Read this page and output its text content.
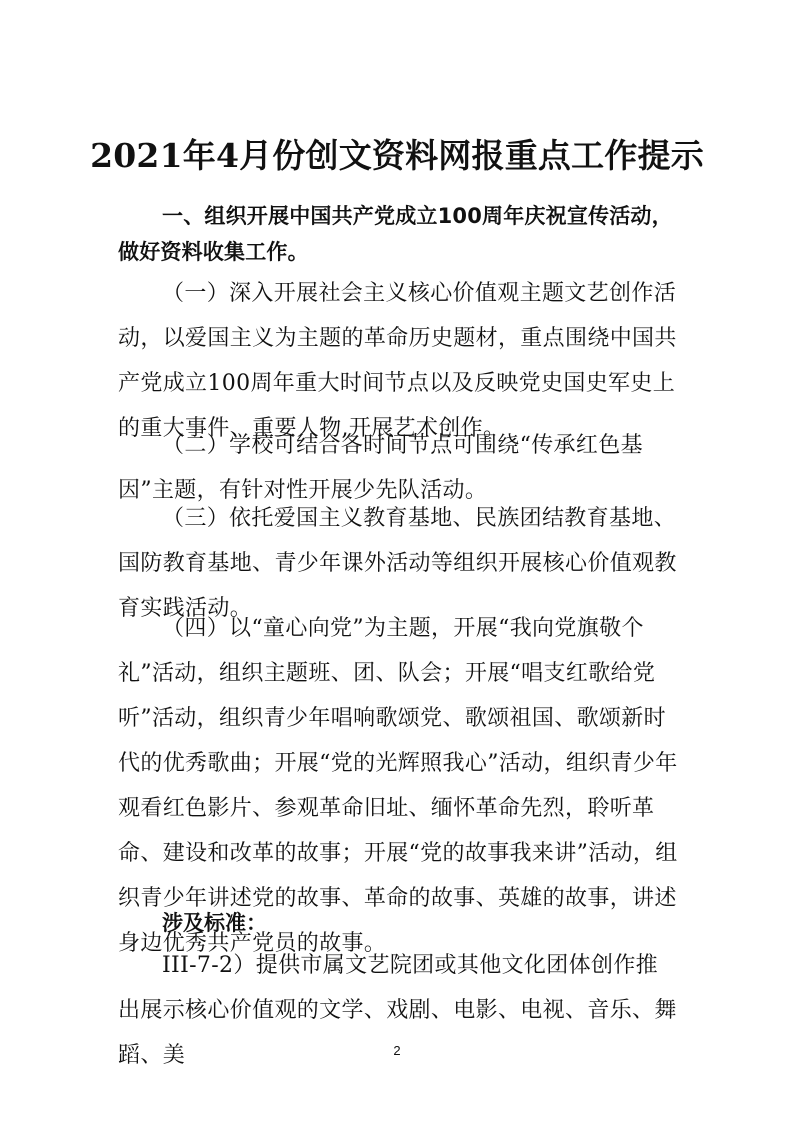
2021年4月份创文资料网报重点工作提示
一、组织开展中国共产党成立100周年庆祝宣传活动，做好资料收集工作。
（一）深入开展社会主义核心价值观主题文艺创作活动，以爱国主义为主题的革命历史题材，重点围绕中国共产党成立100周年重大时间节点以及反映党史国史军史上的重大事件、重要人物,开展艺术创作。
（二）学校可结合各时间节点可围绕“传承红色基因”主题，有针对性开展少先队活动。
（三）依托爱国主义教育基地、民族团结教育基地、国防教育基地、青少年课外活动等组织开展核心价值观教育实践活动。
（四）以“童心向党”为主题，开展“我向党旗敬个礼”活动，组织主题班、团、队会；开展“唱支红歌给党听”活动，组织青少年唱响歌颂党、歌颂祖国、歌颂新时代的优秀歌曲；开展“党的光辉照我心”活动，组织青少年观看红色影片、参观革命旧址、缅怀革命先烈，聆听革命、建设和改革的故事；开展“党的故事我来讲”活动，组织青少年讲述党的故事、革命的故事、英雄的故事，讲述身边优秀共产党员的故事。
涉及标准：
III-7-2）提供市属文艺院团或其他文化团体创作推出展示核心价值观的文学、戏剧、电影、电视、音乐、舞蹈、美	2
